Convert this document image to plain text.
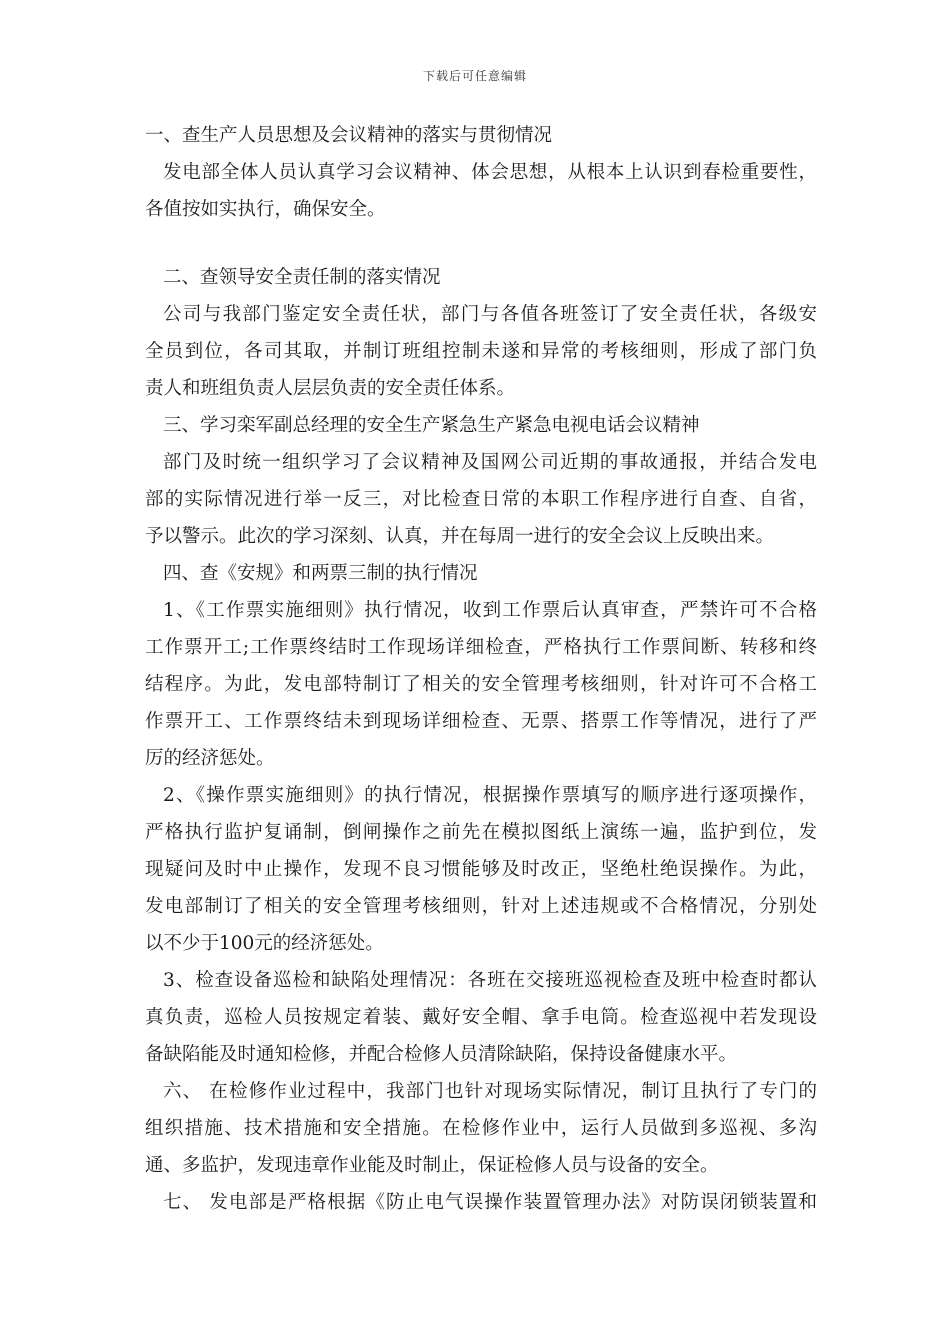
下载后可任意编辑
一、查生产人员思想及会议精神的落实与贯彻情况
发电部全体人员认真学习会议精神、体会思想，从根本上认识到春检重要性，
各值按如实执行，确保安全。
二、查领导安全责任制的落实情况
公司与我部门鉴定安全责任状，部门与各值各班签订了安全责任状，各级安
全员到位，各司其取，并制订班组控制未遂和异常的考核细则，形成了部门负
责人和班组负责人层层负责的安全责任体系。
三、学习栾军副总经理的安全生产紧急生产紧急电视电话会议精神
部门及时统一组织学习了会议精神及国网公司近期的事故通报，并结合发电
部的实际情况进行举一反三，对比检查日常的本职工作程序进行自查、自省，
予以警示。此次的学习深刻、认真，并在每周一进行的安全会议上反映出来。
四、查《安规》和两票三制的执行情况
1、《工作票实施细则》执行情况，收到工作票后认真审查，严禁许可不合格
工作票开工;工作票终结时工作现场详细检查，严格执行工作票间断、转移和终
结程序。为此，发电部特制订了相关的安全管理考核细则，针对许可不合格工
作票开工、工作票终结未到现场详细检查、无票、搭票工作等情况，进行了严
厉的经济惩处。
2、《操作票实施细则》的执行情况，根据操作票填写的顺序进行逐项操作，
严格执行监护复诵制，倒闸操作之前先在模拟图纸上演练一遍，监护到位，发
现疑问及时中止操作，发现不良习惯能够及时改正，坚绝杜绝误操作。为此，
发电部制订了相关的安全管理考核细则，针对上述违规或不合格情况，分别处
以不少于100元的经济惩处。
3、检查设备巡检和缺陷处理情况：各班在交接班巡视检查及班中检查时都认
真负责，巡检人员按规定着装、戴好安全帽、拿手电筒。检查巡视中若发现设
备缺陷能及时通知检修，并配合检修人员清除缺陷，保持设备健康水平。
六、 在检修作业过程中，我部门也针对现场实际情况，制订且执行了专门的
组织措施、技术措施和安全措施。在检修作业中，运行人员做到多巡视、多沟
通、多监护，发现违章作业能及时制止，保证检修人员与设备的安全。
七、 发电部是严格根据《防止电气误操作装置管理办法》对防误闭锁装置和
